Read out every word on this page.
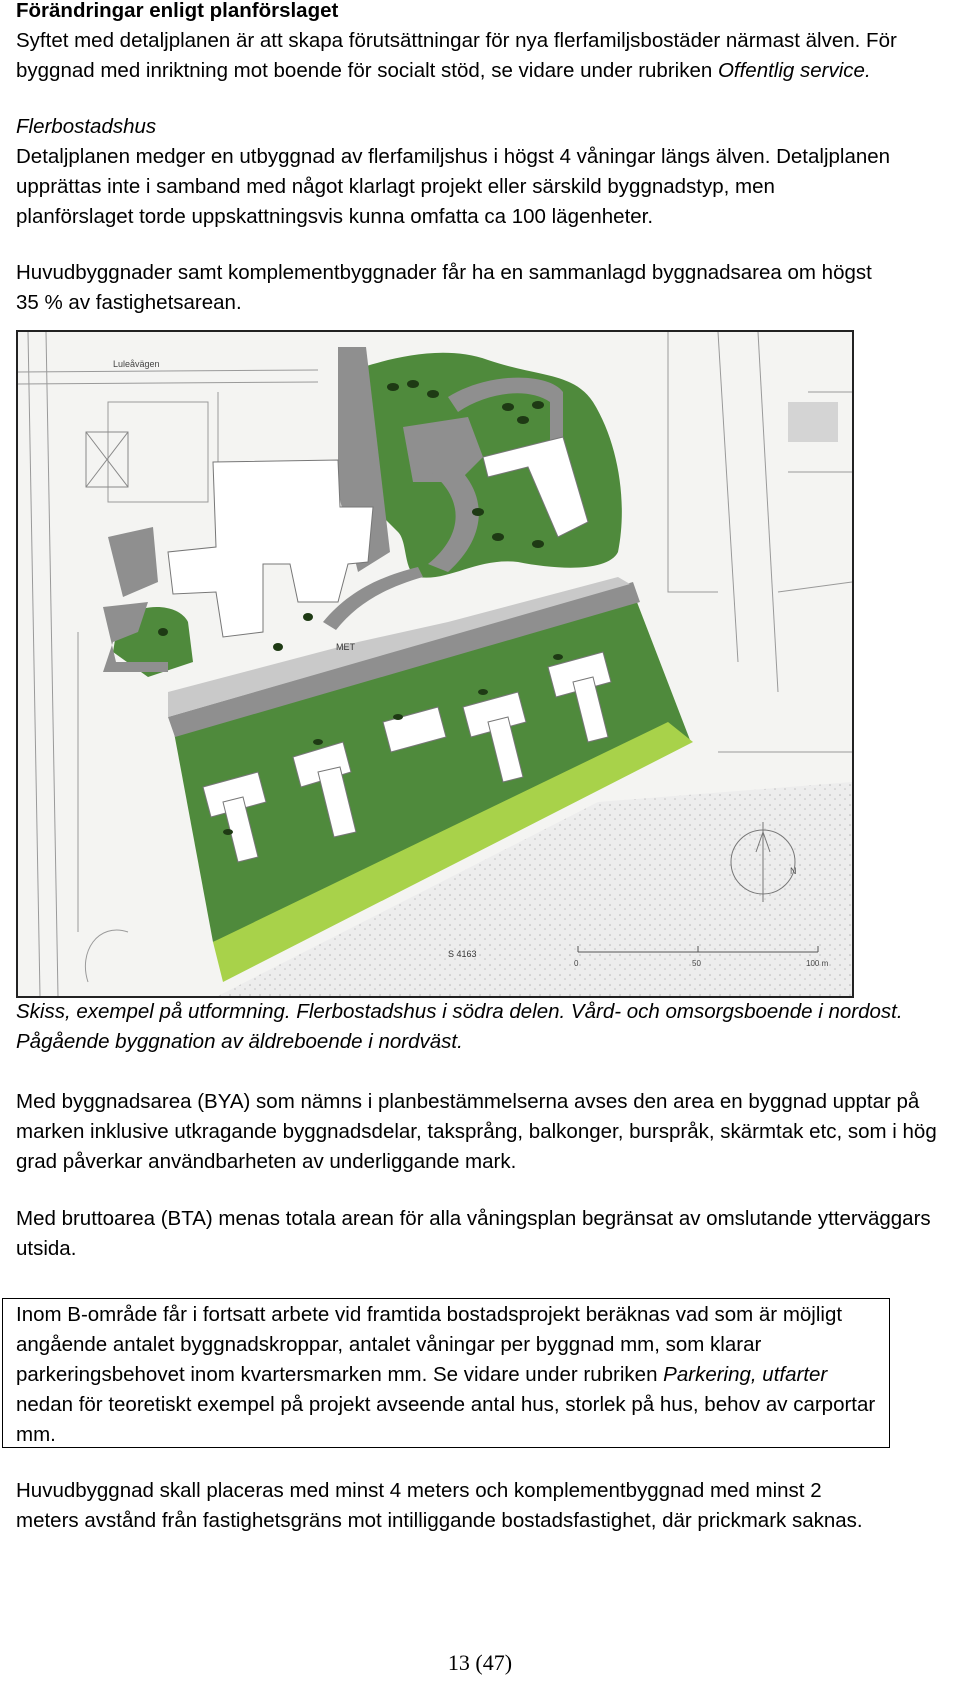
Förändringar enligt planförslaget
Syftet med detaljplanen är att skapa förutsättningar för nya flerfamiljsbostäder närmast älven. För byggnad med inriktning mot boende för socialt stöd, se vidare under rubriken Offentlig service.
Flerbostadshus
Detaljplanen medger en utbyggnad av flerfamiljshus i högst 4 våningar längs älven. Detaljplanen upprättas inte i samband med något klarlagt projekt eller särskild byggnadstyp, men planförslaget torde uppskattningsvis kunna omfatta ca 100 lägenheter.
Huvudbyggnader samt komplementbyggnader får ha en sammanlagd byggnadsarea om högst 35 % av fastighetsarean.
N
Luleåvägen
MET
S 4163
0	50	100 m
Skiss, exempel på utformning. Flerbostadshus i södra delen. Vård- och omsorgsboende i nordost. Pågående byggnation av äldreboende i nordväst.
Med byggnadsarea (BYA) som nämns i planbestämmelserna avses den area en byggnad upptar på marken inklusive utkragande byggnadsdelar, taksprång, balkonger, burspråk, skärmtak etc, som i hög grad påverkar användbarheten av underliggande mark.
Med bruttoarea (BTA) menas totala arean för alla våningsplan begränsat av omslutande ytterväggars utsida.
Inom B-område får i fortsatt arbete vid framtida bostadsprojekt beräknas vad som är möjligt angående antalet byggnadskroppar, antalet våningar per byggnad mm, som klarar parkeringsbehovet inom kvartersmarken mm. Se vidare under rubriken Parkering, utfarter nedan för teoretiskt exempel på projekt avseende antal hus, storlek på hus, behov av carportar mm.
Huvudbyggnad skall placeras med minst 4 meters och komplementbyggnad med minst 2 meters avstånd från fastighetsgräns mot intilliggande bostadsfastighet, där prickmark saknas.
13 (47)
